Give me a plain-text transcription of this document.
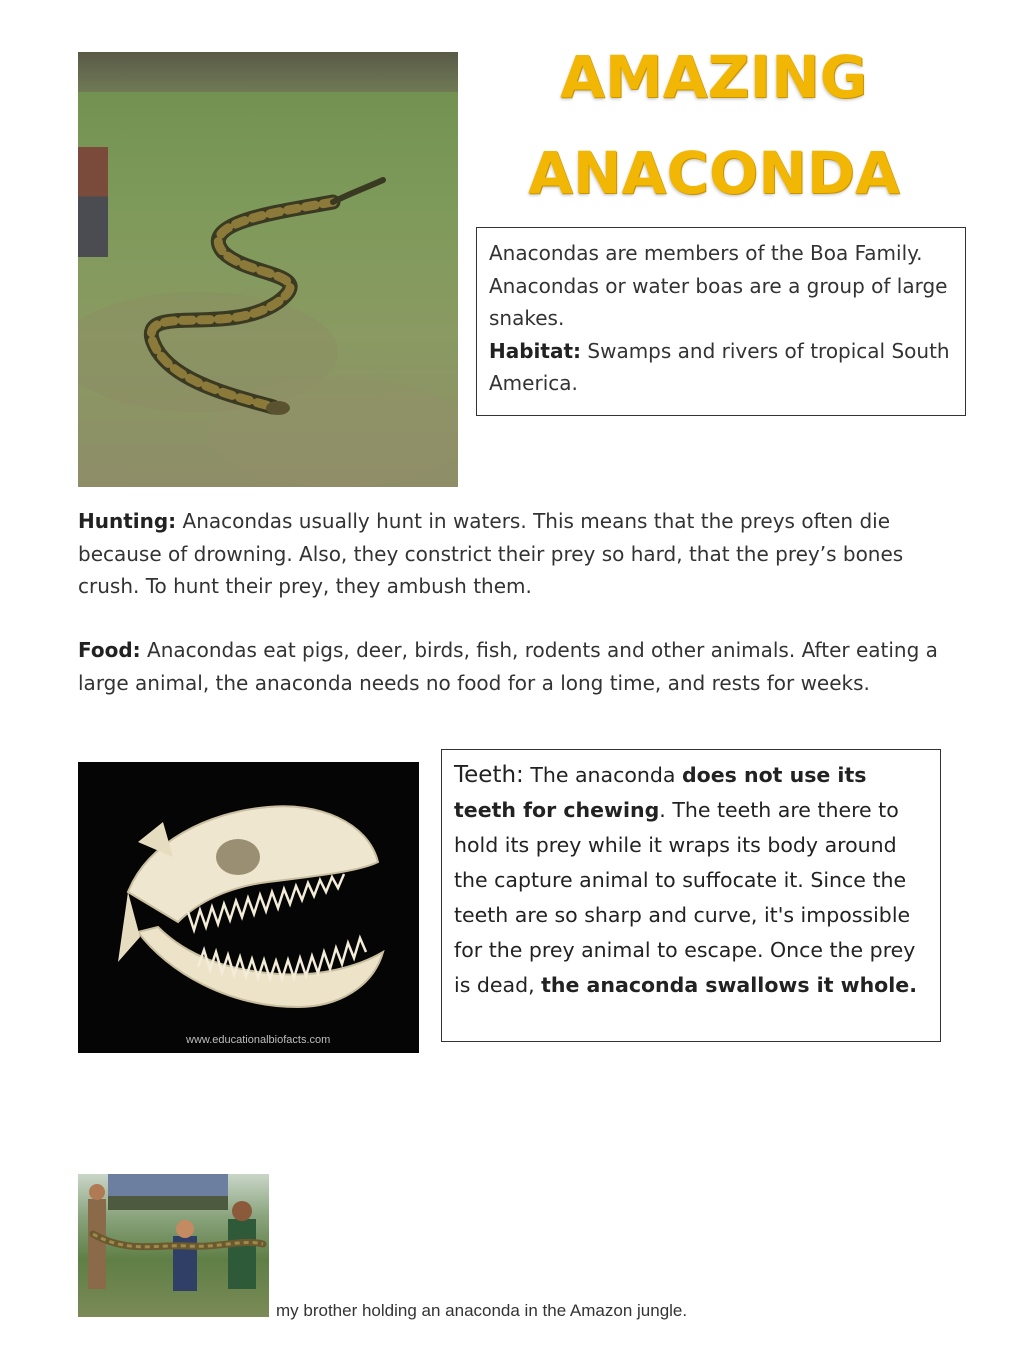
AMAZING
ANACONDA
Anacondas are members of the Boa Family. Anacondas or water boas are a group of large snakes.
Habitat: Swamps and rivers of tropical South America.
Hunting: Anacondas usually hunt in waters. This means that the preys often die because of drowning. Also, they constrict their prey so hard, that the prey’s bones crush. To hunt their prey, they ambush them.
Food: Anacondas eat pigs, deer, birds, fish, rodents and other animals. After eating a large animal, the anaconda needs no food for a long time, and rests for weeks.
www.educationalbiofacts.com
Teeth: The anaconda does not use its teeth for chewing. The teeth are there to hold its prey while it wraps its body around the capture animal to suffocate it. Since the teeth are so sharp and curve, it's impossible for the prey animal to escape. Once the prey is dead, the anaconda swallows it whole.
my brother holding an anaconda in the Amazon jungle.
